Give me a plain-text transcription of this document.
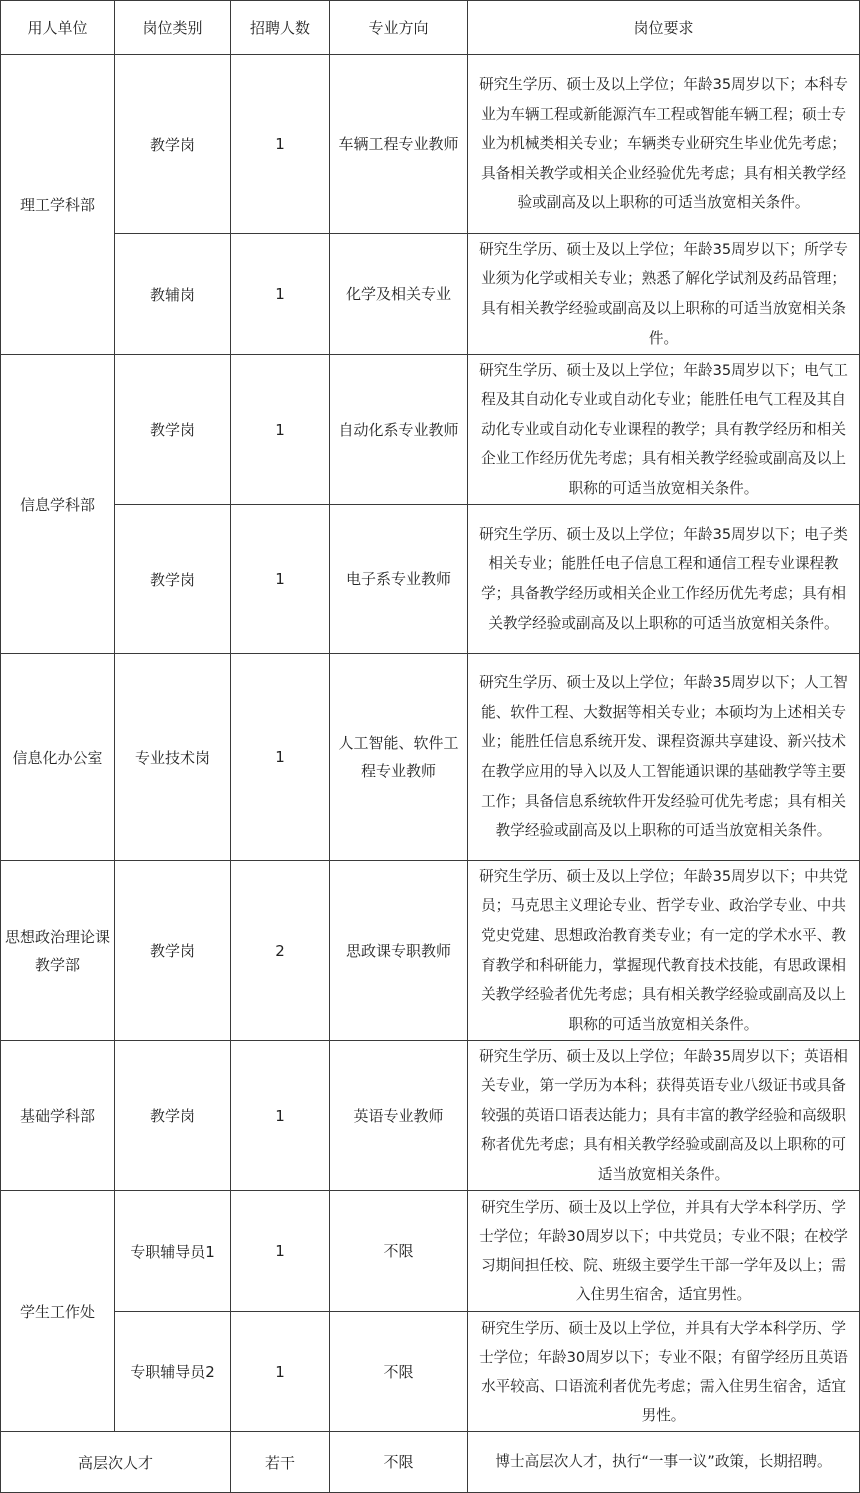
用人单位	岗位类别	招聘人数	专业方向	岗位要求
理工学科部	教学岗	1	车辆工程专业教师	研究生学历、硕士及以上学位；年龄35周岁以下；本科专业为车辆工程或新能源汽车工程或智能车辆工程；硕士专业为机械类相关专业；车辆类专业研究生毕业优先考虑；具备相关教学或相关企业经验优先考虑；具有相关教学经验或副高及以上职称的可适当放宽相关条件。
	教辅岗	1	化学及相关专业	研究生学历、硕士及以上学位；年龄35周岁以下；所学专业须为化学或相关专业；熟悉了解化学试剂及药品管理；具有相关教学经验或副高及以上职称的可适当放宽相关条件。
信息学科部	教学岗	1	自动化系专业教师	研究生学历、硕士及以上学位；年龄35周岁以下；电气工程及其自动化专业或自动化专业；能胜任电气工程及其自动化专业或自动化专业课程的教学；具有教学经历和相关企业工作经历优先考虑；具有相关教学经验或副高及以上职称的可适当放宽相关条件。
	教学岗	1	电子系专业教师	研究生学历、硕士及以上学位；年龄35周岁以下；电子类相关专业；能胜任电子信息工程和通信工程专业课程教学；具备教学经历或相关企业工作经历优先考虑；具有相关教学经验或副高及以上职称的可适当放宽相关条件。
信息化办公室	专业技术岗	1	人工智能、软件工程专业教师	研究生学历、硕士及以上学位；年龄35周岁以下；人工智能、软件工程、大数据等相关专业；本硕均为上述相关专业；能胜任信息系统开发、课程资源共享建设、新兴技术在教学应用的导入以及人工智能通识课的基础教学等主要工作；具备信息系统软件开发经验可优先考虑；具有相关教学经验或副高及以上职称的可适当放宽相关条件。
思想政治理论课教学部	教学岗	2	思政课专职教师	研究生学历、硕士及以上学位；年龄35周岁以下；中共党员；马克思主义理论专业、哲学专业、政治学专业、中共党史党建、思想政治教育类专业；有一定的学术水平、教育教学和科研能力，掌握现代教育技术技能，有思政课相关教学经验者优先考虑；具有相关教学经验或副高及以上职称的可适当放宽相关条件。
基础学科部	教学岗	1	英语专业教师	研究生学历、硕士及以上学位；年龄35周岁以下；英语相关专业，第一学历为本科；获得英语专业八级证书或具备较强的英语口语表达能力；具有丰富的教学经验和高级职称者优先考虑；具有相关教学经验或副高及以上职称的可适当放宽相关条件。
学生工作处	专职辅导员1	1	不限	研究生学历、硕士及以上学位，并具有大学本科学历、学士学位；年龄30周岁以下；中共党员；专业不限；在校学习期间担任校、院、班级主要学生干部一学年及以上；需入住男生宿舍，适宜男性。
	专职辅导员2	1	不限	研究生学历、硕士及以上学位，并具有大学本科学历、学士学位；年龄30周岁以下；专业不限；有留学经历且英语水平较高、口语流利者优先考虑；需入住男生宿舍，适宜男性。
高层次人才		若干	不限	博士高层次人才，执行“一事一议”政策，长期招聘。
